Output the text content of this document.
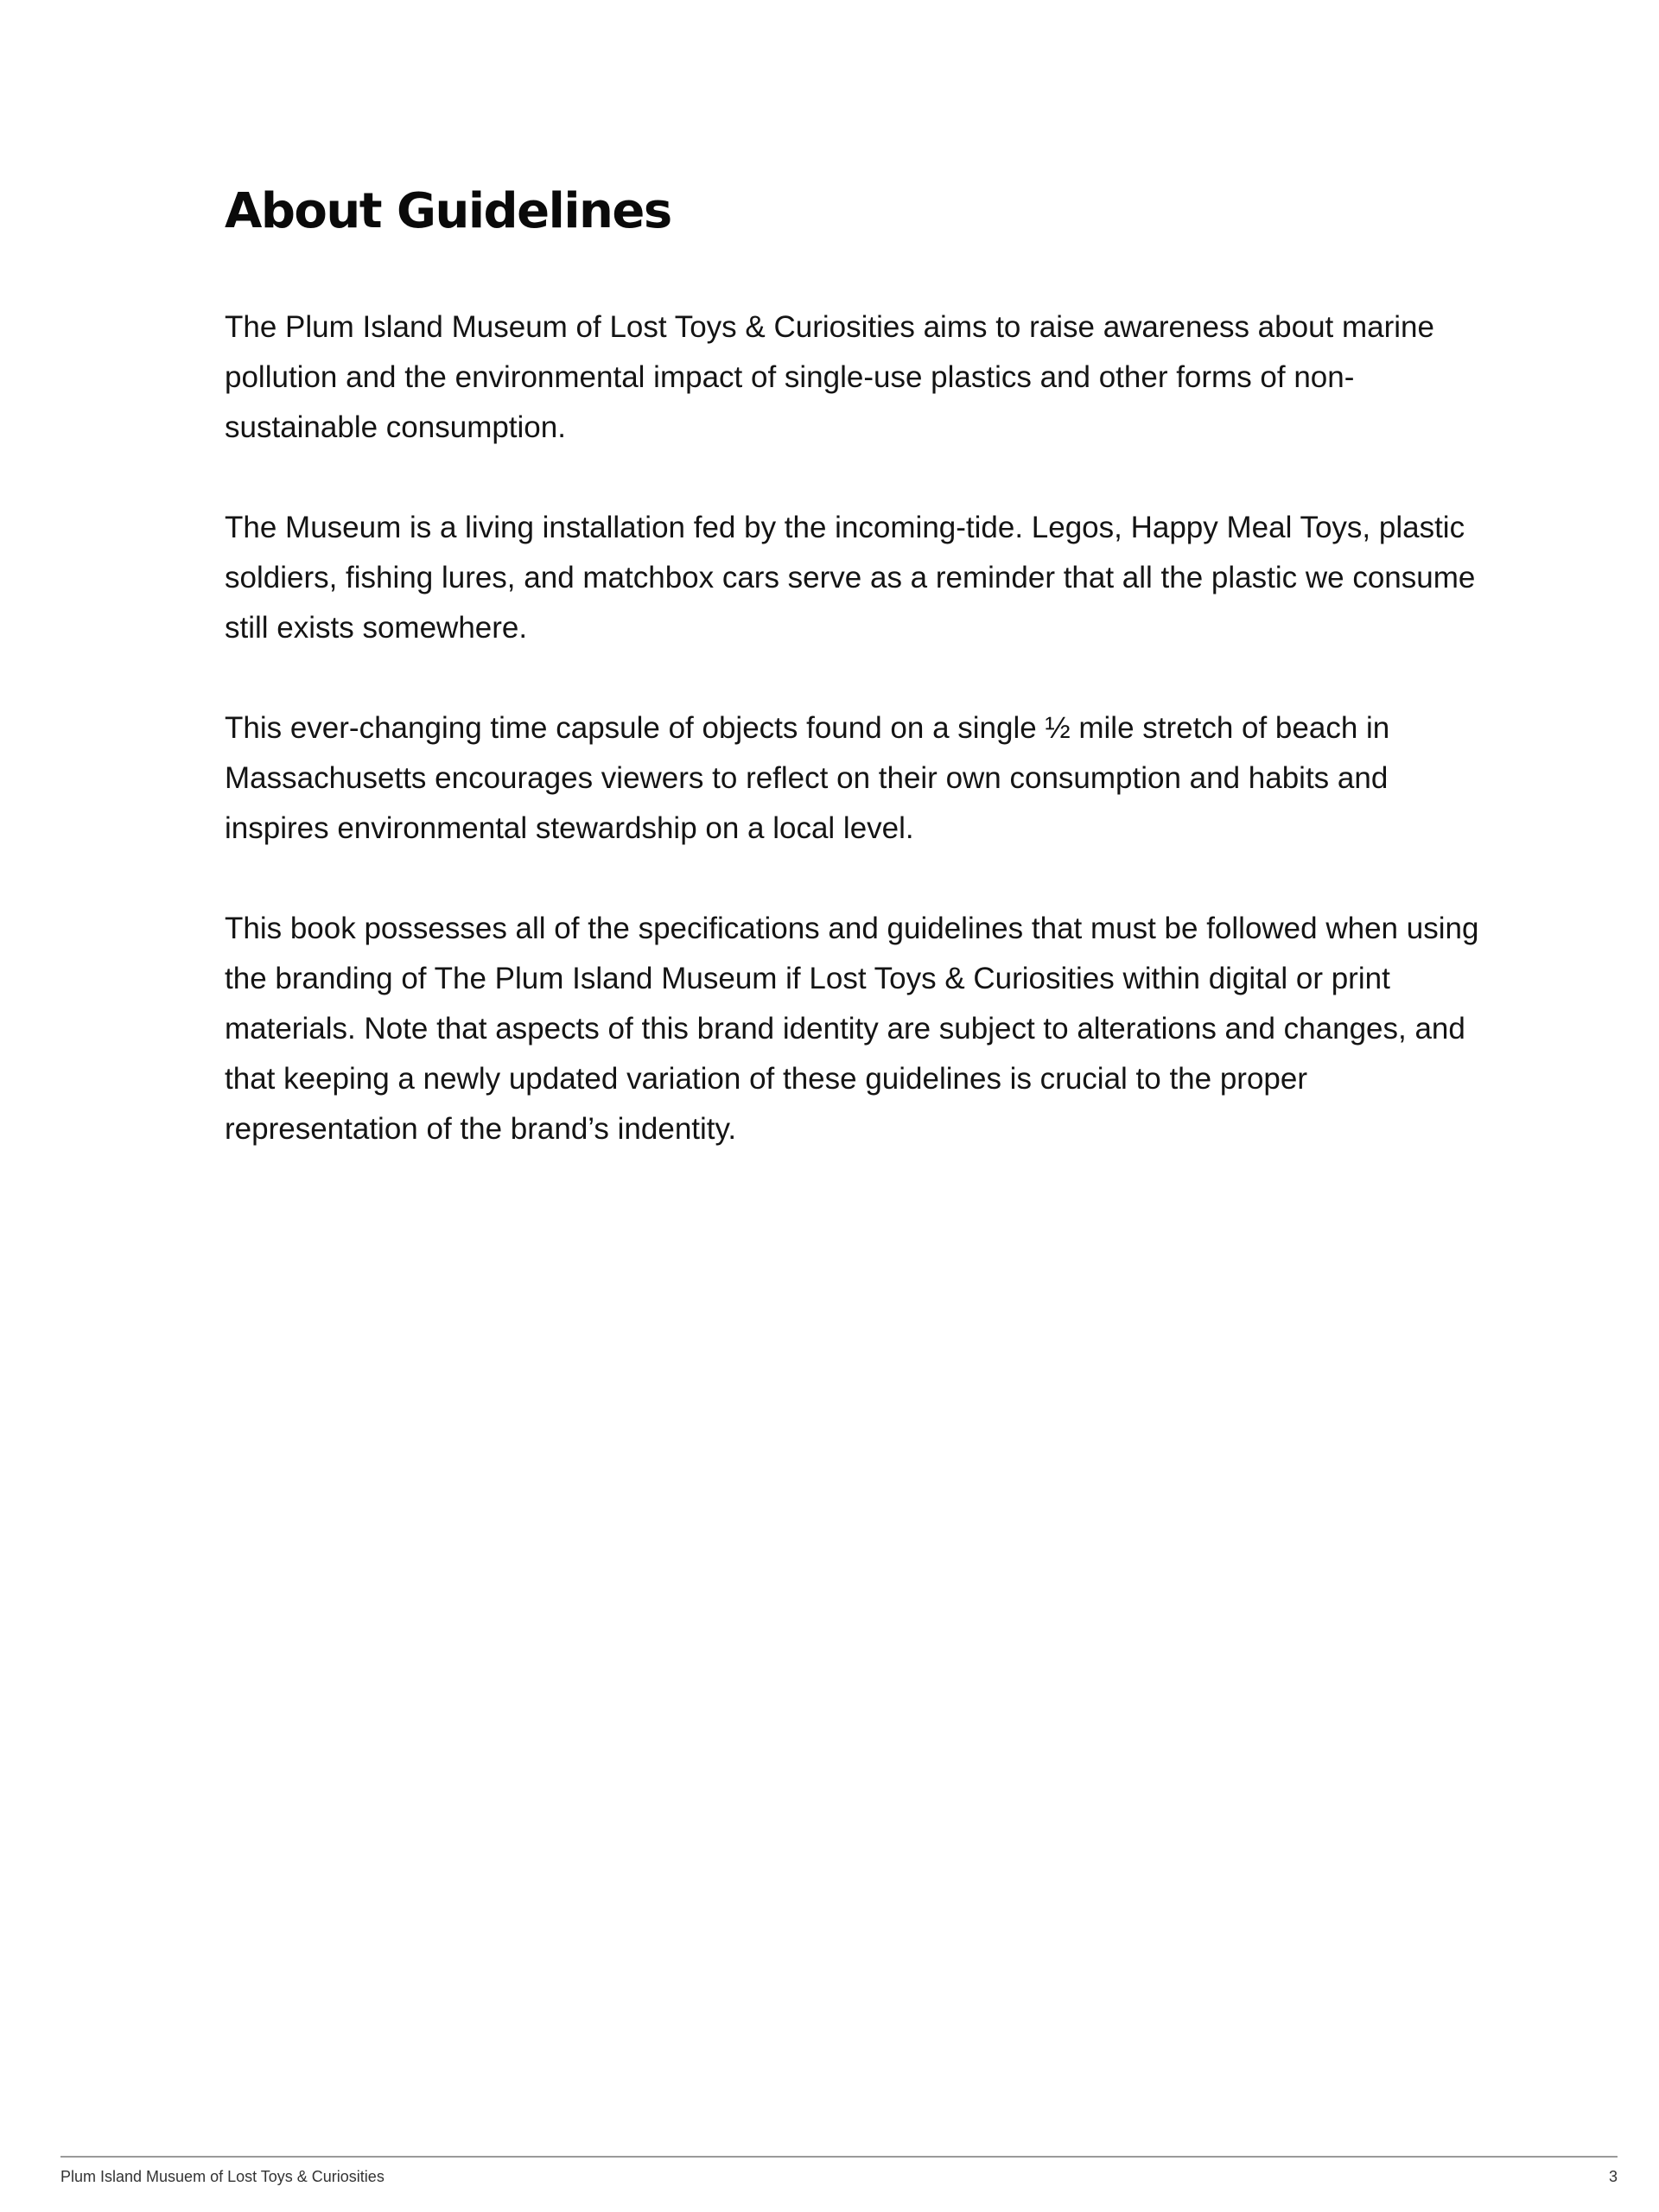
About Guidelines

The Plum Island Museum of Lost Toys & Curiosities aims to raise awareness about marine pollution and the environmental impact of single-use plastics and other forms of non-sustainable consumption.

The Museum is a living installation fed by the incoming-tide. Legos, Happy Meal Toys, plastic soldiers, fishing lures, and matchbox cars serve as a reminder that all the plastic we consume still exists somewhere.

This ever-changing time capsule of objects found on a single ½ mile stretch of beach in Massachusetts encourages viewers to reflect on their own consumption and habits and inspires environmental stewardship on a local level.

This book possesses all of the specifications and guidelines that must be followed when using the branding of The Plum Island Museum if Lost Toys & Curiosities within digital or print materials. Note that aspects of this brand identity are subject to alterations and changes, and that keeping a newly updated variation of these guidelines is crucial to the proper representation of the brand’s indentity.

Plum Island Musuem of Lost Toys & Curiosities	3
